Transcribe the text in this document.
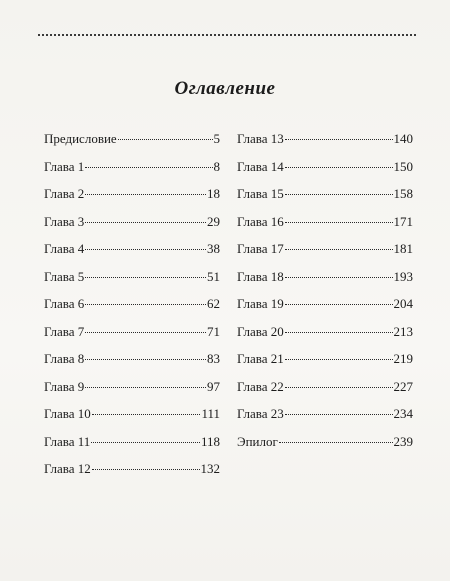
Оглавление
Предисловие	5
Глава 1	8
Глава 2	18
Глава 3	29
Глава 4	38
Глава 5	51
Глава 6	62
Глава 7	71
Глава 8	83
Глава 9	97
Глава 10	111
Глава 11	118
Глава 12	132
Глава 13	140
Глава 14	150
Глава 15	158
Глава 16	171
Глава 17	181
Глава 18	193
Глава 19	204
Глава 20	213
Глава 21	219
Глава 22	227
Глава 23	234
Эпилог	239
